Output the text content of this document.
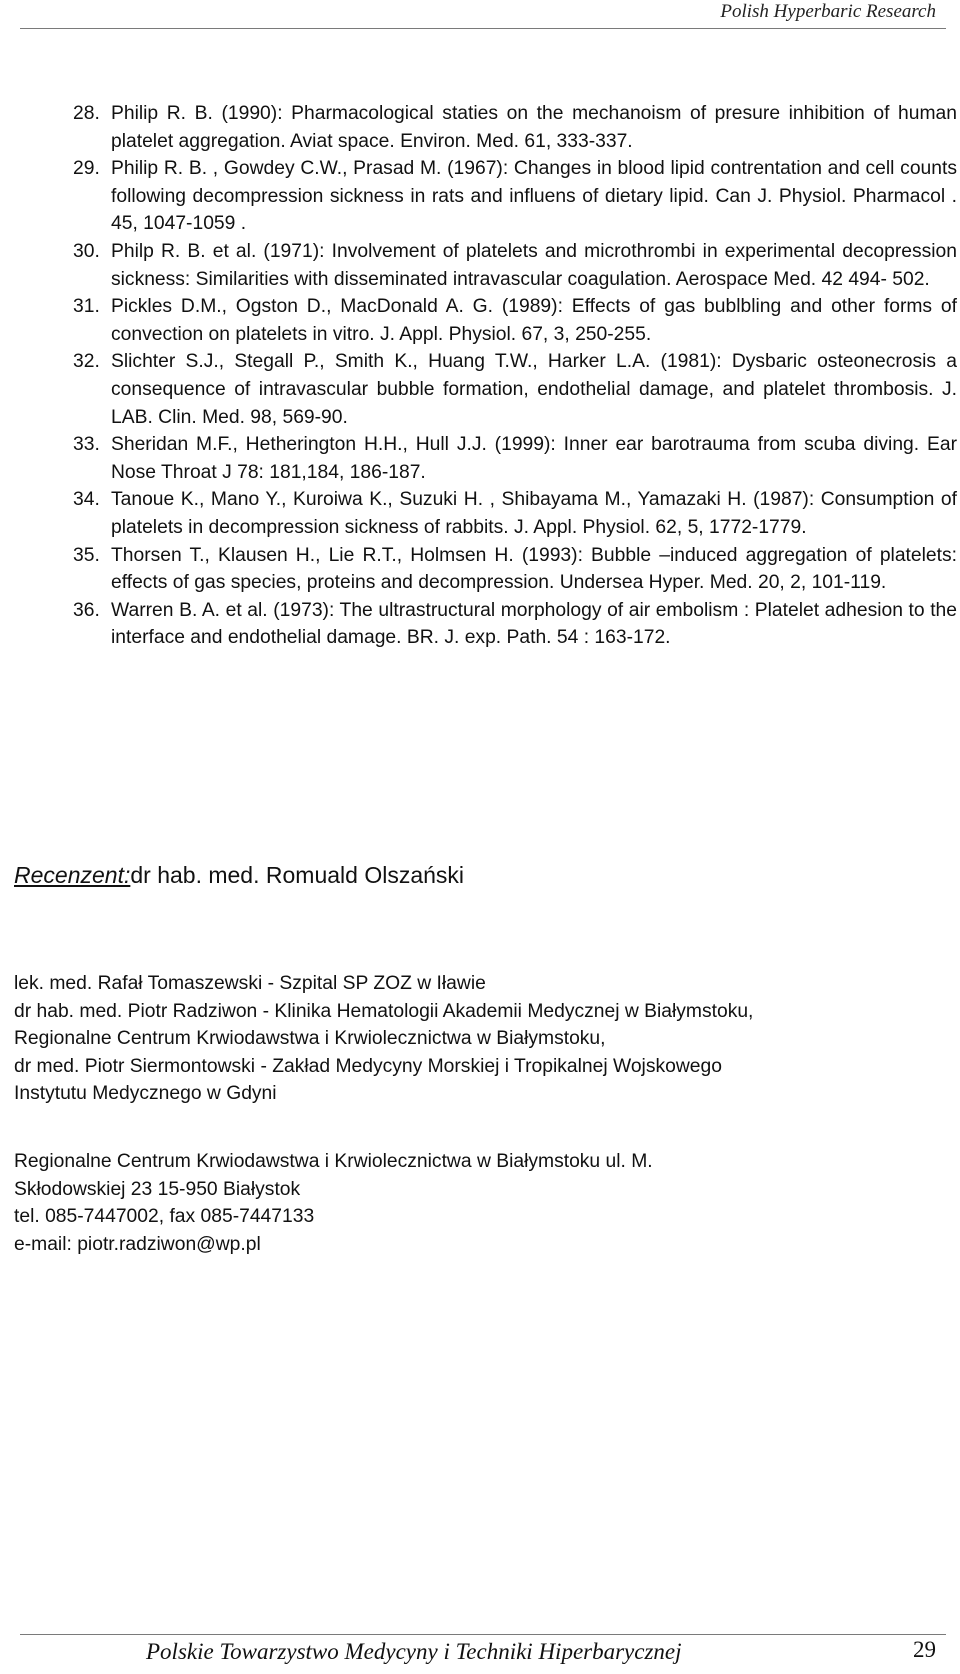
Polish Hyperbaric Research
28. Philip R. B. (1990): Pharmacological staties on the mechanoism of presure inhibition of human platelet aggregation. Aviat space. Environ. Med. 61, 333-337.
29. Philip R. B. , Gowdey C.W., Prasad M. (1967): Changes in blood lipid contrentation and cell counts following decompression sickness in rats and influens of dietary lipid. Can J. Physiol. Pharmacol . 45, 1047-1059 .
30. Philp R. B. et al. (1971): Involvement of platelets and microthrombi in experimental decopression sickness: Similarities with disseminated intravascular coagulation. Aerospace Med. 42 494- 502.
31. Pickles D.M., Ogston D., MacDonald A. G. (1989): Effects of gas bublbling and other forms of convection on platelets in vitro. J. Appl. Physiol. 67, 3, 250-255.
32. Slichter S.J., Stegall P., Smith K., Huang T.W., Harker L.A. (1981): Dysbaric osteonecrosis a consequence of intravascular bubble formation, endothelial damage, and platelet thrombosis. J. LAB. Clin. Med. 98, 569-90.
33. Sheridan M.F., Hetherington H.H., Hull J.J. (1999): Inner ear barotrauma from scuba diving. Ear Nose Throat J 78: 181,184, 186-187.
34. Tanoue K., Mano Y., Kuroiwa K., Suzuki H. , Shibayama M., Yamazaki H. (1987): Consumption of platelets in decompression sickness of rabbits. J. Appl. Physiol. 62, 5, 1772-1779.
35. Thorsen T., Klausen H., Lie R.T., Holmsen H. (1993): Bubble –induced aggregation of platelets: effects of gas species, proteins and decompression. Undersea Hyper. Med. 20, 2, 101-119.
36. Warren B. A. et al. (1973): The ultrastructural morphology of air embolism : Platelet adhesion to the interface and endothelial damage. BR. J. exp. Path. 54 : 163-172.
Recenzent:dr hab. med. Romuald Olszański
lek. med. Rafał Tomaszewski - Szpital SP ZOZ w Iławie
dr hab. med. Piotr Radziwon - Klinika Hematologii Akademii Medycznej w Białymstoku,
Regionalne Centrum Krwiodawstwa i Krwiolecznictwa w Białymstoku,
dr med. Piotr Siermontowski - Zakład Medycyny Morskiej i Tropikalnej Wojskowego
Instytutu Medycznego w Gdyni
Regionalne Centrum Krwiodawstwa i Krwiolecznictwa w Białymstoku ul. M.
Skłodowskiej 23 15-950 Białystok
tel. 085-7447002, fax 085-7447133
e-mail: piotr.radziwon@wp.pl
Polskie Towarzystwo Medycyny i Techniki Hiperbarycznej	29
